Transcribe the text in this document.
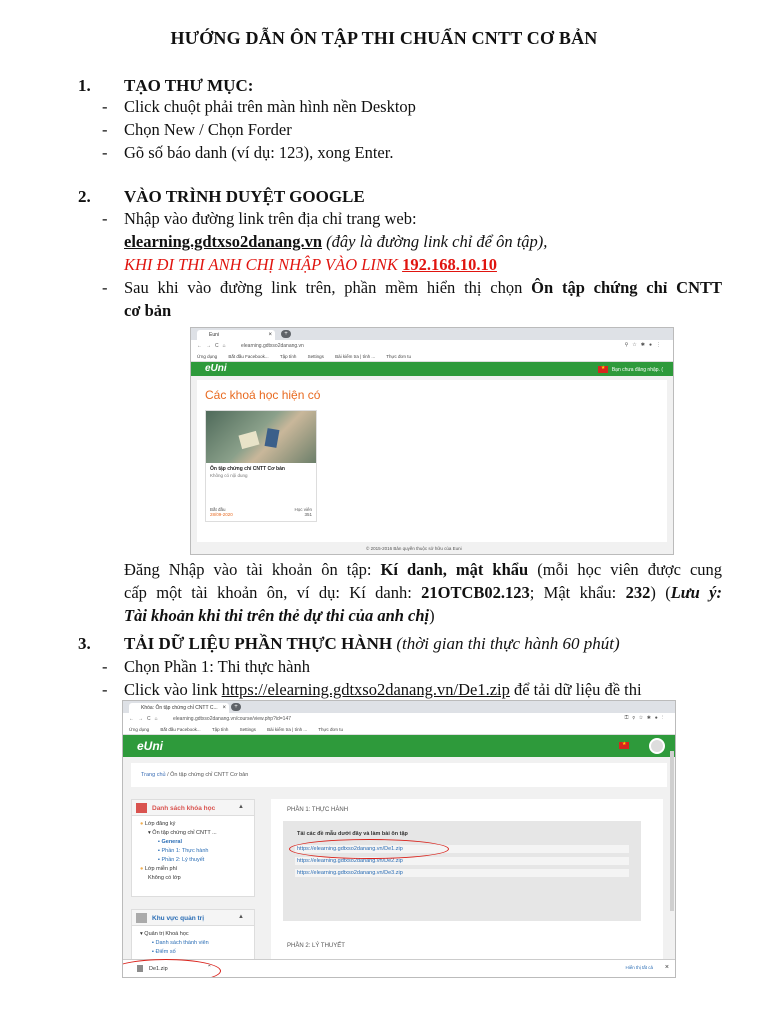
HƯỚNG DẪN ÔN TẬP THI CHUẨN CNTT CƠ BẢN
1. TẠO THƯ MỤC:
- Click chuột phải trên màn hình nền Desktop
- Chọn New / Chọn Forder
- Gõ số báo danh (ví dụ: 123), xong Enter.
2. VÀO TRÌNH DUYỆT GOOGLE
- Nhập vào đường link trên địa chỉ trang web:
elearning.gdtxso2danang.vn (đây là đường link chỉ để ôn tập),
KHI ĐI THI ANH CHỊ NHẬP VÀO LINK 192.168.10.10
- Sau khi vào đường link trên, phần mềm hiển thị chọn Ôn tập chứng chỉ CNTT
cơ bản
Euni	×	+
←→C⌂ elearning.gdtxso2danang.vn	⚲☆✱●⋮
Ứng dụng	Bắt đầu Facebook... Tập tính	Settings	Bài kiểm tra | tính ... Thực đơn tu
eUni
★	Bạn chưa đăng nhập. (
Các khoá học hiện có
Ôn tập chứng chỉ CNTT Cơ bản
Không có nội dung
Bắt đầu
28/09-2020
Học viên
351
© 2015-2016 Bản quyền thuộc sở hữu của Euni
Đăng Nhập vào tài khoản ôn tập: Kí danh, mật khẩu (mỗi học viên được cung
cấp một tài khoản ôn, ví dụ: Kí danh: 21OTCB02.123; Mật khẩu: 232) (Lưu ý:
Tài khoản khi thi trên thẻ dự thi của anh chị)
3. TẢI DỮ LIỆU PHẦN THỰC HÀNH (thời gian thi thực hành 60 phút)
- Chọn Phần 1: Thi thực hành
- Click vào link https://elearning.gdtxso2danang.vn/De1.zip để tải dữ liệu đề thi
Khóa: Ôn tập chứng chỉ CNTT C... ×	+
←→C⌂ elearning.gdtxso2danang.vn/course/view.php?id=147	⚿⚲☆✱●⋮
Ứng dụng	Bắt đầu Facebook... Tập tính	Settings	Bài kiểm tra | tính ... Thực đơn tu
eUni
★
Trang chủ / Ôn tập chứng chỉ CNTT Cơ bản
Danh sách khóa học	▲
● Lớp đăng ký
▾ Ôn tập chứng chỉ CNTT ...
▪ General
▪ Phần 1: Thực hành
▪ Phần 2: Lý thuyết
● Lớp miễn phí
Không có lớp
Khu vực quản trị	▲
▾ Quản trị Khoá học
▪ Danh sách thành viên
▪ Điểm số
PHẦN 1: THỰC HÀNH
Tải các đề mẫu dưới đây và làm bài ôn tập
https://elearning.gdtxso2danang.vn/De1.zip
https://elearning.gdtxso2danang.vn/De2.zip
https://elearning.gdtxso2danang.vn/De3.zip
PHẦN 2: LÝ THUYẾT
De1.zip	⌃	Hiển thị tất cả ×
